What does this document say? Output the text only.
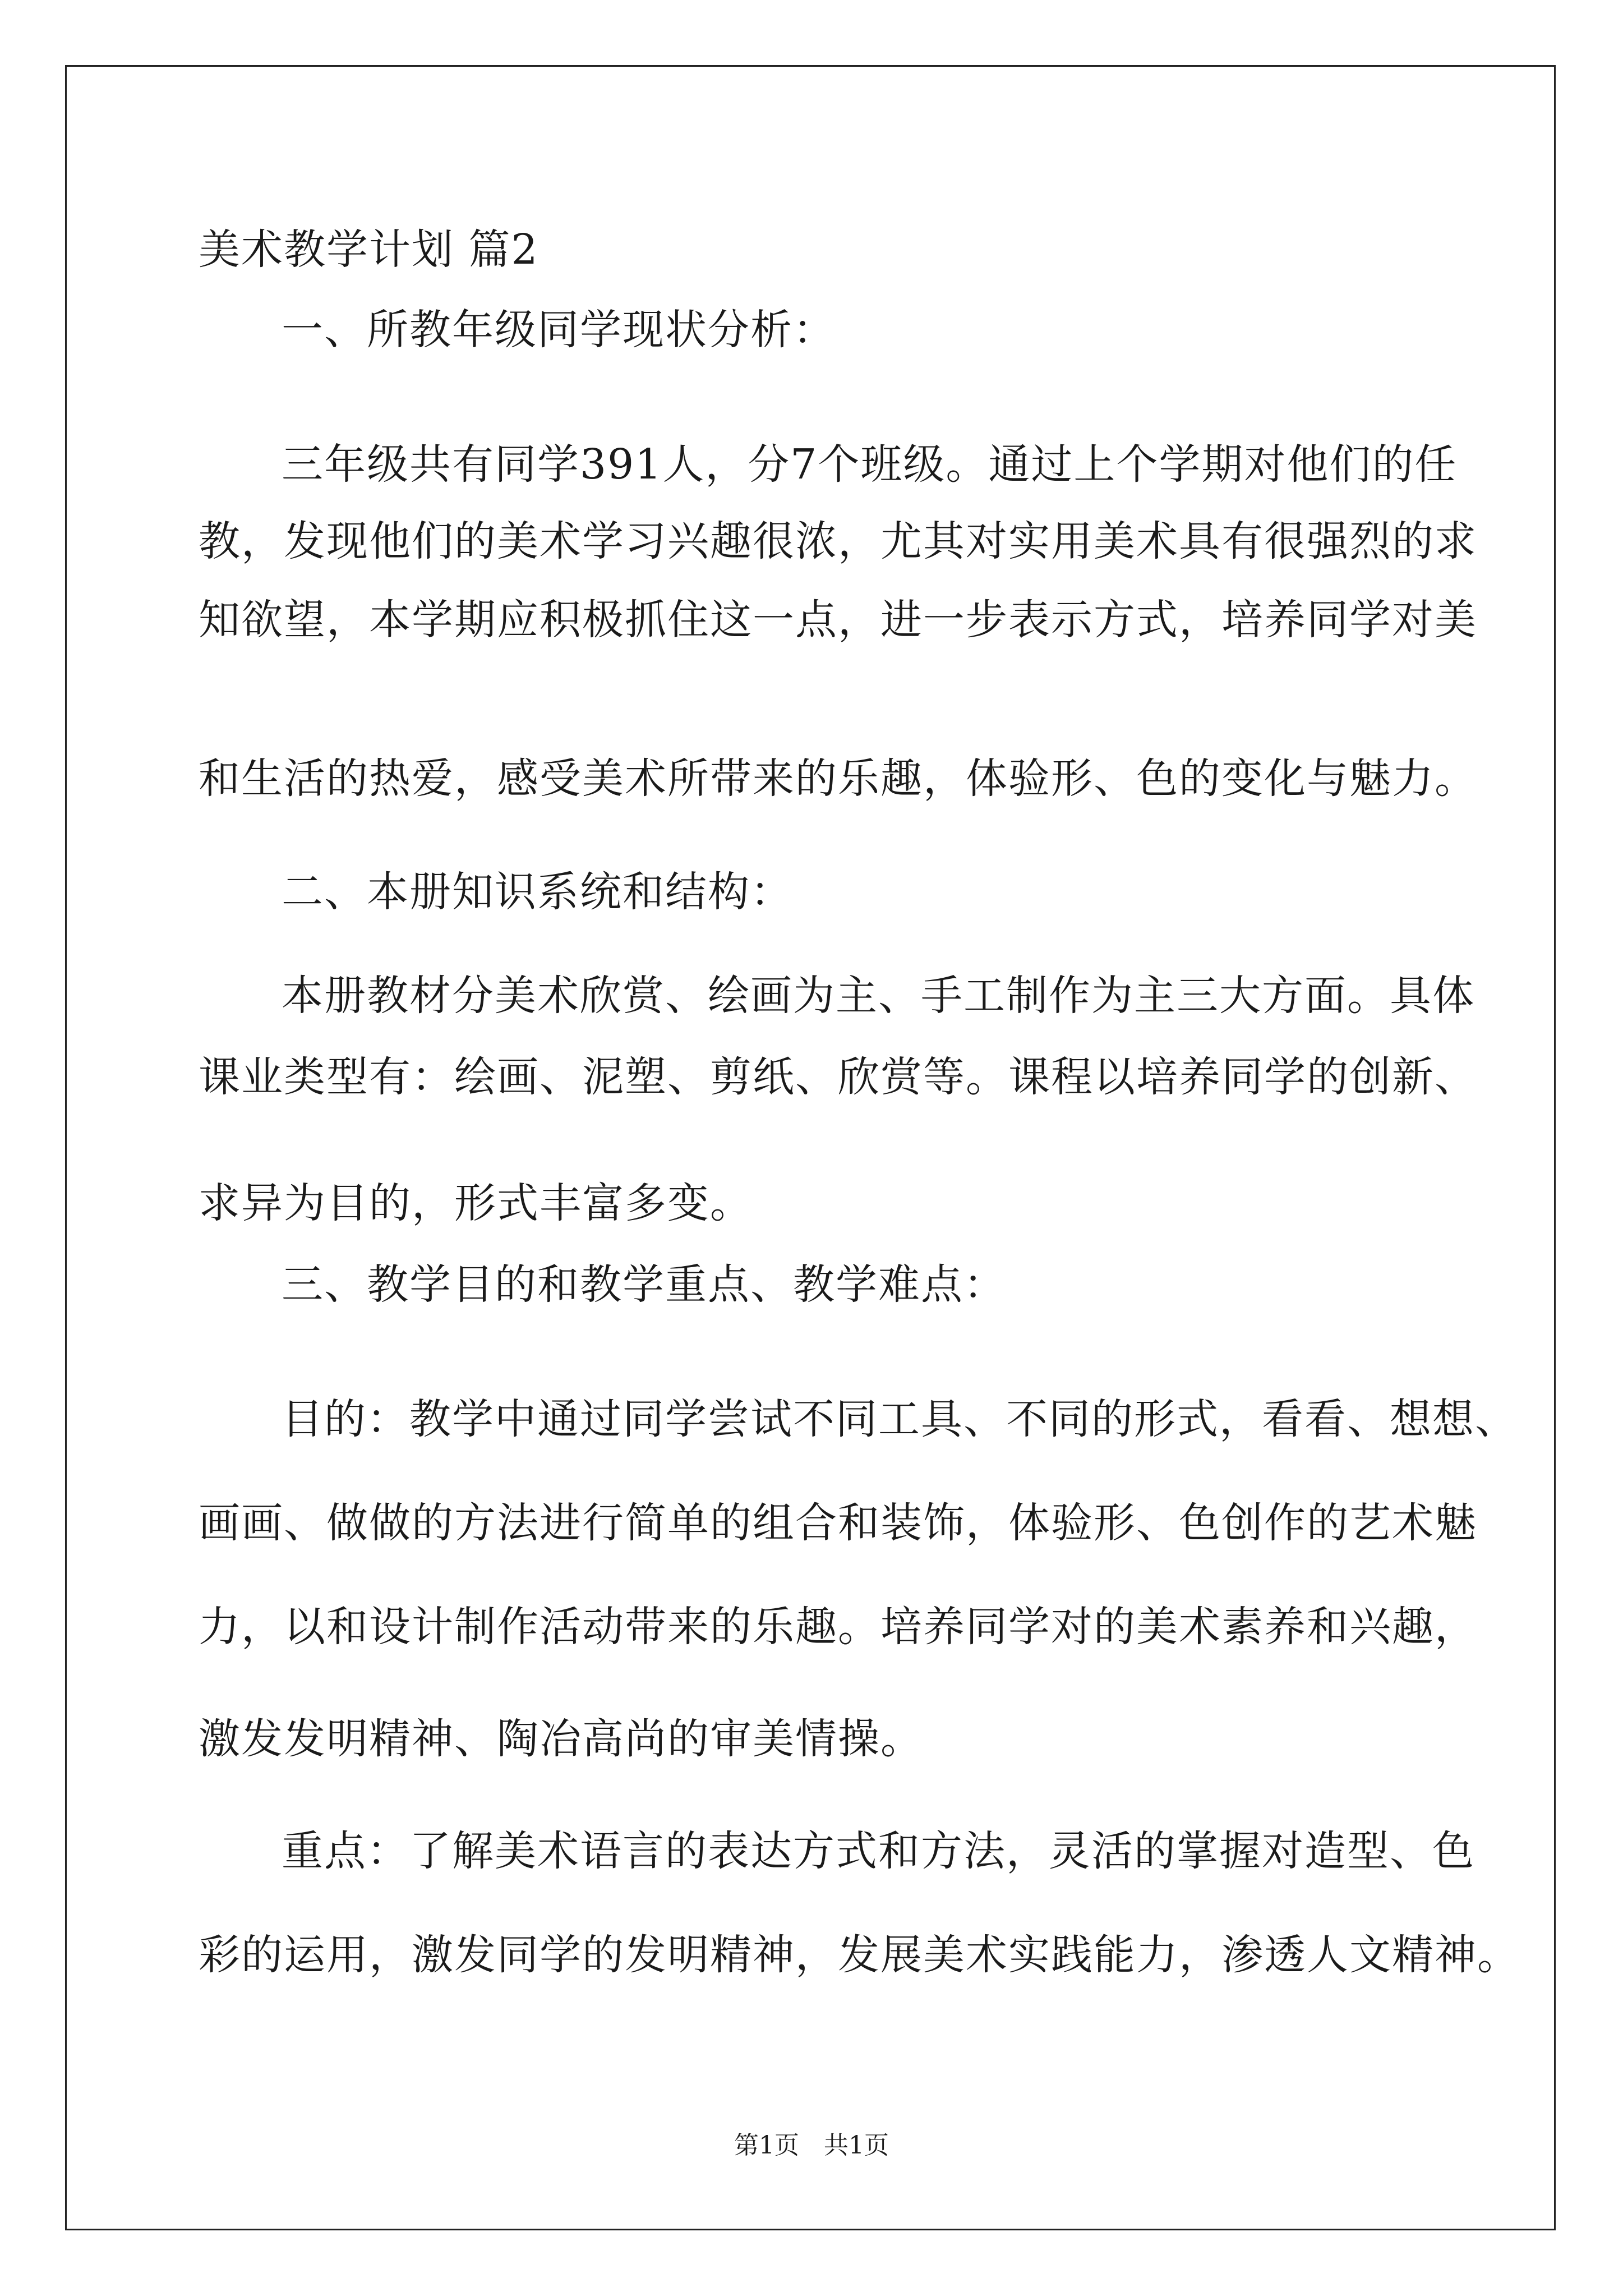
美术教学计划 篇2
一、所教年级同学现状分析：
三年级共有同学391人，分7个班级。通过上个学期对他们的任
教，发现他们的美术学习兴趣很浓，尤其对实用美术具有很强烈的求
知欲望，本学期应积极抓住这一点，进一步表示方式，培养同学对美
和生活的热爱，感受美术所带来的乐趣，体验形、色的变化与魅力。
二、本册知识系统和结构：
本册教材分美术欣赏、绘画为主、手工制作为主三大方面。具体
课业类型有：绘画、泥塑、剪纸、欣赏等。课程以培养同学的创新、
求异为目的，形式丰富多变。
三、教学目的和教学重点、教学难点：
目的：教学中通过同学尝试不同工具、不同的形式，看看、想想、
画画、做做的方法进行简单的组合和装饰，体验形、色创作的艺术魅
力，以和设计制作活动带来的乐趣。培养同学对的美术素养和兴趣，
激发发明精神、陶冶高尚的审美情操。
重点：了解美术语言的表达方式和方法，灵活的掌握对造型、色
彩的运用，激发同学的发明精神，发展美术实践能力，渗透人文精神。
第1页　共1页
